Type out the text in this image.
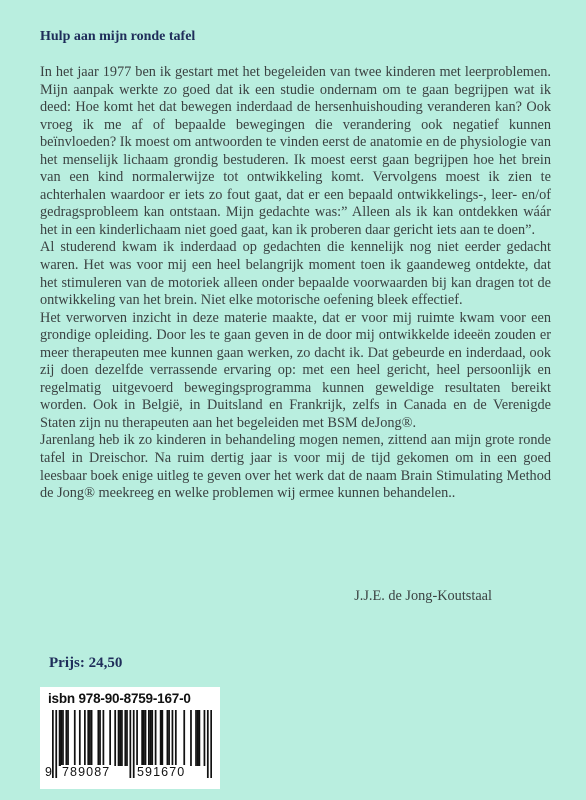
Hulp aan mijn ronde tafel

In het jaar 1977 ben ik gestart met het begeleiden van twee kinderen met leerproblemen. Mijn aanpak werkte zo goed dat ik een studie ondernam om te gaan begrijpen wat ik deed: Hoe komt het dat bewegen inderdaad de hersenhuishouding veranderen kan? Ook vroeg ik me af of bepaalde bewegingen die verandering ook negatief kunnen beïnvloeden? Ik moest om antwoorden te vinden eerst de anatomie en de physiologie van het menselijk lichaam grondig bestuderen. Ik moest eerst gaan begrijpen hoe het brein van een kind normalerwijze tot ontwikkeling komt. Vervolgens moest ik zien te achterhalen waardoor er iets zo fout gaat, dat er een bepaald ontwikkelings-, leer- en/of gedragsprobleem kan ontstaan. Mijn gedachte was:” Alleen als ik kan ontdekken wáár het in een kinderlichaam niet goed gaat, kan ik proberen daar gericht iets aan te doen”.

Al studerend kwam ik inderdaad op gedachten die kennelijk nog niet eerder gedacht waren. Het was voor mij een heel belangrijk moment toen ik gaandeweg ontdekte, dat het stimuleren van de motoriek alleen onder bepaalde voorwaarden bij kan dragen tot de ontwikkeling van het brein. Niet elke motorische oefening bleek effectief.

Het verworven inzicht in deze materie maakte, dat er voor mij ruimte kwam voor een grondige opleiding. Door les te gaan geven in de door mij ontwikkelde ideeën zouden er meer therapeuten mee kunnen gaan werken, zo dacht ik. Dat gebeurde en inderdaad, ook zij doen dezelfde verrassende ervaring op: met een heel gericht, heel persoonlijk en regelmatig uitgevoerd bewegingsprogramma kunnen geweldige resultaten bereikt worden. Ook in België, in Duitsland en Frankrijk, zelfs in Canada en de Verenigde Staten zijn nu therapeuten aan het begeleiden met BSM deJong®.

Jarenlang heb ik zo kinderen in behandeling mogen nemen, zittend aan mijn grote ronde tafel in Dreischor. Na ruim dertig jaar is voor mij de tijd gekomen om in een goed leesbaar boek enige uitleg te geven over het werk dat de naam Brain Stimulating Method de Jong® meekreeg en welke problemen wij ermee kunnen behandelen..

J.J.E. de Jong-Koutstaal
Prijs: 24,50
isbn 978-90-8759-167-0
9 789087 591670
